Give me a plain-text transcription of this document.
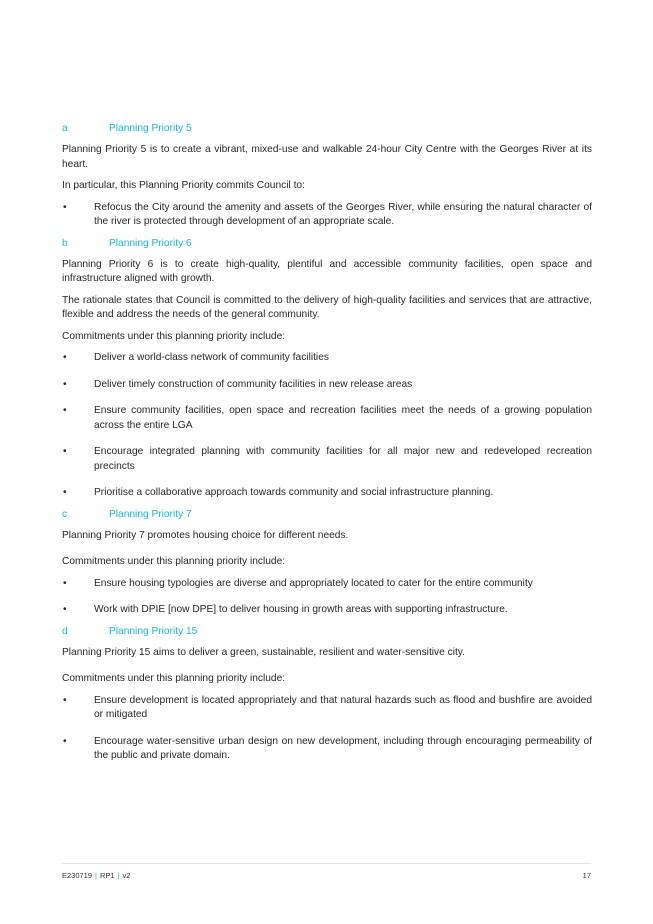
a	Planning Priority 5

Planning Priority 5 is to create a vibrant, mixed-use and walkable 24-hour City Centre with the Georges River at its heart.

In particular, this Planning Priority commits Council to:

•	Refocus the City around the amenity and assets of the Georges River, while ensuring the natural character of the river is protected through development of an appropriate scale.
b	Planning Priority 6

Planning Priority 6 is to create high-quality, plentiful and accessible community facilities, open space and infrastructure aligned with growth.

The rationale states that Council is committed to the delivery of high-quality facilities and services that are attractive, flexible and address the needs of the general community.

Commitments under this planning priority include:

•	Deliver a world-class network of community facilities
•	Deliver timely construction of community facilities in new release areas
•	Ensure community facilities, open space and recreation facilities meet the needs of a growing population across the entire LGA
•	Encourage integrated planning with community facilities for all major new and redeveloped recreation precincts
•	Prioritise a collaborative approach towards community and social infrastructure planning.
c	Planning Priority 7

Planning Priority 7 promotes housing choice for different needs.

Commitments under this planning priority include:

•	Ensure housing typologies are diverse and appropriately located to cater for the entire community
•	Work with DPIE [now DPE] to deliver housing in growth areas with supporting infrastructure.
d	Planning Priority 15

Planning Priority 15 aims to deliver a green, sustainable, resilient and water-sensitive city.

Commitments under this planning priority include:

•	Ensure development is located appropriately and that natural hazards such as flood and bushfire are avoided or mitigated
•	Encourage water-sensitive urban design on new development, including through encouraging permeability of the public and private domain.
E230719 | RP1 | v2	17
